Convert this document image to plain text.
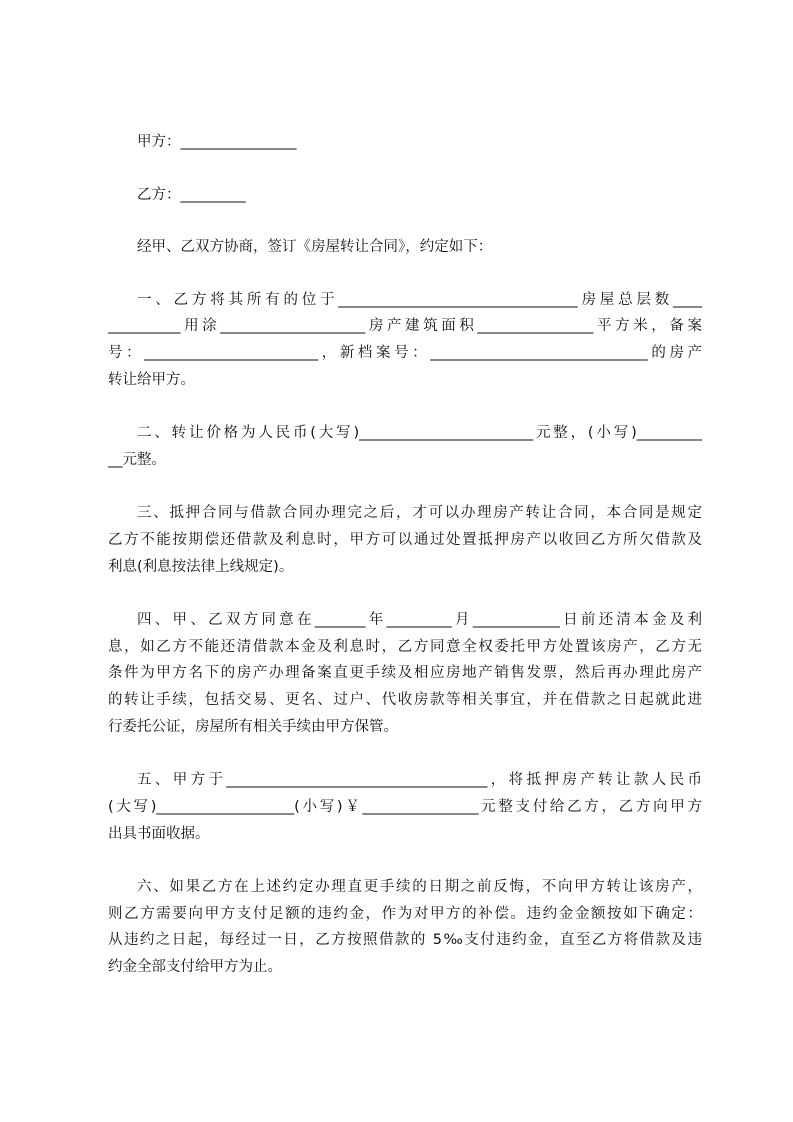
甲方：________________
乙方：_________
经甲、乙双方协商，签订《房屋转让合同》，约定如下：
一、乙方将其所有的位于_________________________________房屋总层数____
__________用涂____________________房产建筑面积________________平方米，备案
号：________________________，新档案号：______________________________的房产
转让给甲方。
二、转让价格为人民币(大写)________________________元整，(小写)_________
__元整。
三、抵押合同与借款合同办理完之后，才可以办理房产转让合同，本合同是规定
乙方不能按期偿还借款及利息时，甲方可以通过处置抵押房产以收回乙方所欠借款及
利息(利息按法律上线规定)。
四、甲、乙双方同意在_______年_________月____________日前还清本金及利
息，如乙方不能还清借款本金及利息时，乙方同意全权委托甲方处置该房产，乙方无
条件为甲方名下的房产办理备案直更手续及相应房地产销售发票，然后再办理此房产
的转让手续，包括交易、更名、过户、代收房款等相关事宜，并在借款之日起就此进
行委托公证，房屋所有相关手续由甲方保管。
五、甲方于____________________________________，将抵押房产转让款人民币
(大写)___________________(小写)￥________________元整支付给乙方，乙方向甲方
出具书面收据。
六、如果乙方在上述约定办理直更手续的日期之前反悔，不向甲方转让该房产，
则乙方需要向甲方支付足额的违约金，作为对甲方的补偿。违约金金额按如下确定：
从违约之日起，每经过一日，乙方按照借款的 5‰支付违约金，直至乙方将借款及违
约金全部支付给甲方为止。
